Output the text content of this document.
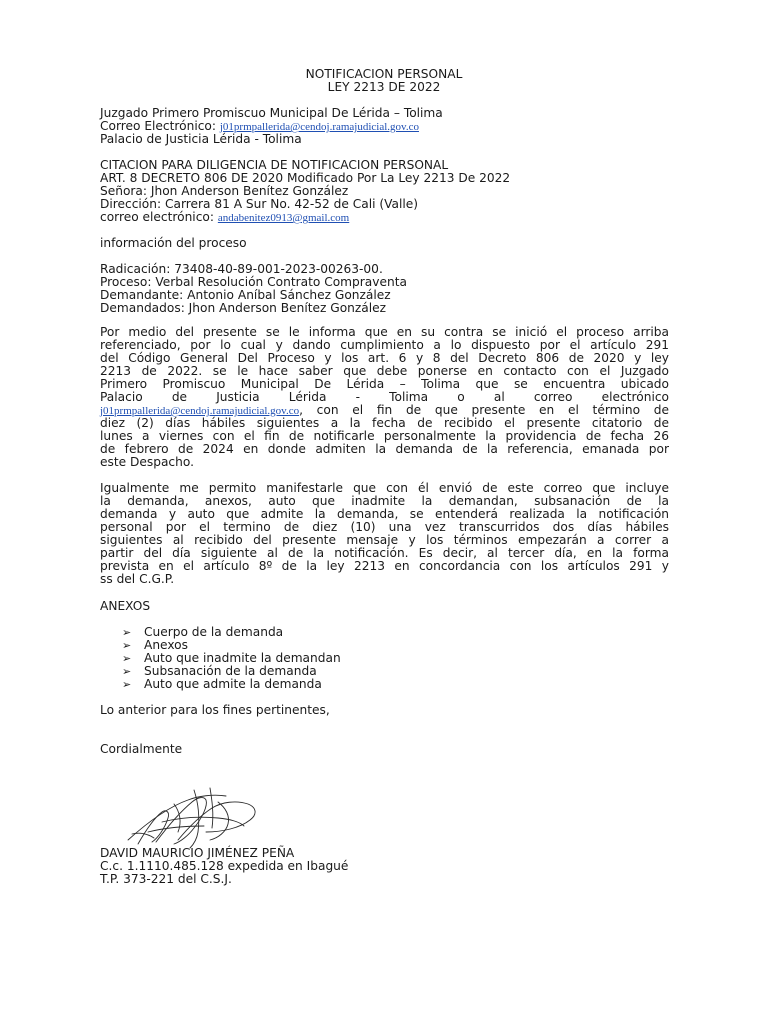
NOTIFICACION PERSONAL
LEY 2213 DE 2022
Juzgado Primero Promiscuo Municipal De Lérida – Tolima
Correo Electrónico: j01prmpallerida@cendoj.ramajudicial.gov.co
Palacio de Justicia Lérida - Tolima
CITACION PARA DILIGENCIA DE NOTIFICACION PERSONAL
ART. 8 DECRETO 806 DE 2020 Modificado Por La Ley 2213 De 2022
Señora: Jhon Anderson Benítez González
Dirección: Carrera 81 A Sur No. 42-52 de Cali (Valle)
correo electrónico: andabenitez0913@gmail.com
información del proceso
Radicación: 73408-40-89-001-2023-00263-00.
Proceso: Verbal Resolución Contrato Compraventa
Demandante: Antonio Aníbal Sánchez González
Demandados: Jhon Anderson Benítez González
Por medio del presente se le informa que en su contra se inició el proceso arriba
referenciado, por lo cual y dando cumplimiento a lo dispuesto por el artículo 291
del Código General Del Proceso y los art. 6 y 8 del Decreto 806 de 2020 y ley
2213 de 2022. se le hace saber que debe ponerse en contacto con el Juzgado
Primero Promiscuo Municipal De Lérida – Tolima que se encuentra ubicado
Palacio de Justicia Lérida - Tolima o al correo electrónico
j01prmpallerida@cendoj.ramajudicial.gov.co, con el fin de que presente en el término de
diez (2) días hábiles siguientes a la fecha de recibido el presente citatorio de
lunes a viernes con el fin de notificarle personalmente la providencia de fecha 26
de febrero de 2024 en donde admiten la demanda de la referencia, emanada por
este Despacho.
Igualmente me permito manifestarle que con él envió de este correo que incluye
la demanda, anexos, auto que inadmite la demandan, subsanación de la
demanda y auto que admite la demanda, se entenderá realizada la notificación
personal por el termino de diez (10) una vez transcurridos dos días hábiles
siguientes al recibido del presente mensaje y los términos empezarán a correr a
partir del día siguiente al de la notificación. Es decir, al tercer día, en la forma
prevista en el artículo 8º de la ley 2213 en concordancia con los artículos 291 y
ss del C.G.P.
ANEXOS
➢ Cuerpo de la demanda
➢ Anexos
➢ Auto que inadmite la demandan
➢ Subsanación de la demanda
➢ Auto que admite la demanda
Lo anterior para los fines pertinentes,
Cordialmente
DAVID MAURICIO JIMÉNEZ PEÑA
C.c. 1.1110.485.128 expedida en Ibagué
T.P. 373-221 del C.S.J.
